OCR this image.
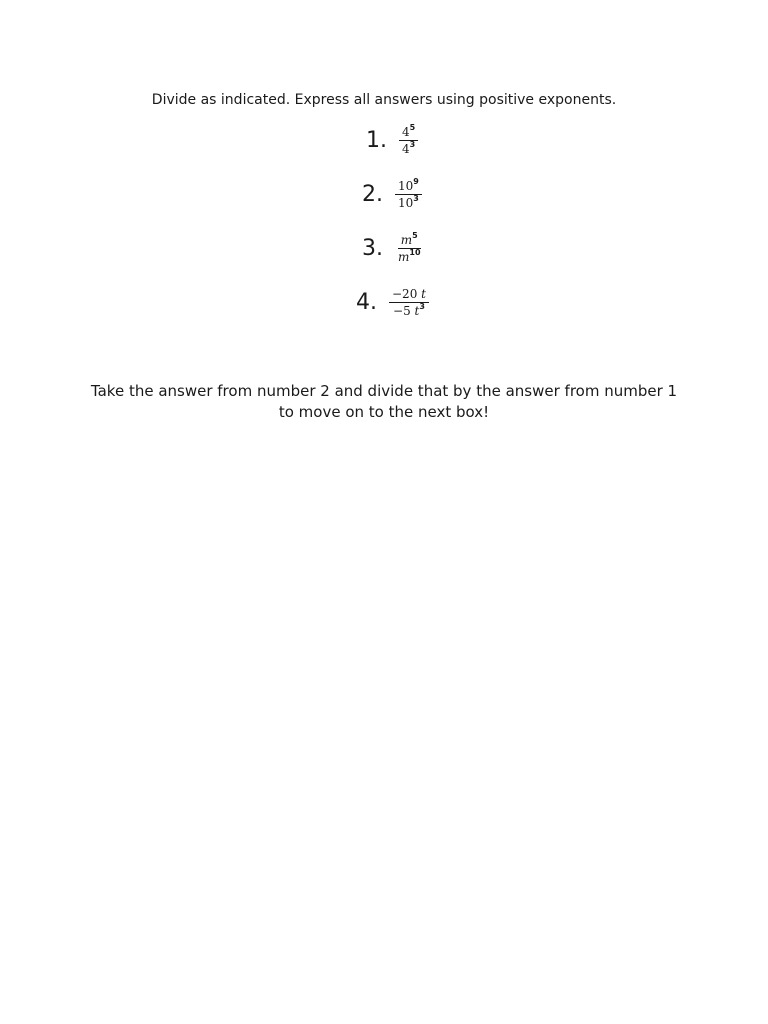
Divide as indicated. Express all answers using positive exponents.
1. $\frac{4^5}{4^3}$
2. $\frac{10^9}{10^3}$
3. $\frac{m^5}{m^{10}}$
4. $\frac{-20 t}{-5 t^3}$
Take the answer from number 2 and divide that by the answer from number 1 to move on to the next box!
